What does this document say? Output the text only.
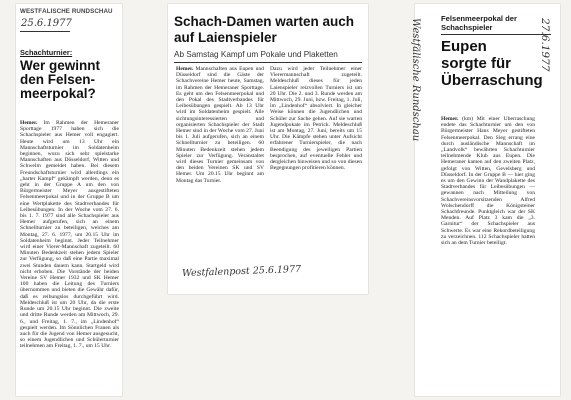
WESTFÄLISCHE RUNDSCHAU
25.6.1977
Schachturnier:
Wer gewinnt den Felsen-meerpokal?
Hemer. Im Rahmen der Hemeraner Sporttage 1977 haben sich die Schachspieler aus Hemer voll engagiert. Heute wird um 13 Uhr ein Mannschaftsturnier im Soldatenheim beginnen, wozu sich sehr spielstarke Mannschaften aus Dösseldorf, Witten und Schwelm gemeldet haben. Bei diesem Freundschaftsturnier wird allerdings ein „harter Kampf“ gekämpft werden, denn es geht in der Gruppe A um den von Bürgermeister Meyer ausgestifteten Felsenmeerpokal und in der Gruppe B um eine Wertplakette des Stadtverbandes für Leibesübungen. In der Woche vom 27. 6. bis 1. 7. 1977 sind alle Schachspieler aus Hemer aufgerufen, sich an einem Schnellturnier zu beteiligen, welches am Montag, 27. 6. 1977, um 20.15 Uhr im Soldatenheim beginnt. Jeder Teilnehmer wird einer Vierer-Mannschaft zugeteilt. 60 Minuten Bedenkzeit stehen jedem Spieler zur Verfügung, so daß eine Partie maximal zwei Stunden dauern kann. Startgeld wird nicht erhoben. Die Vorstände der beiden Vereine SV Hemer 1932 und SK Hemer 100 haben die Leitung des Turniers übernommen und bieten die Gewähr dafür, daß es reibungslos durchgeführt wird. Meldeschluß ist um 20 Uhr, da die erste Runde um 20.15 Uhr beginnt. Die zweite und dritte Runde werden am Mittwoch, 29. 6., und Freitag, 1. 7., im „Lindenhof“ gespielt werden. Im Sönnlichen Frauen als auch für die Jugend von Hemer ausgesucht, so einem Jugendlichen und Schülerturnier teilnehmen am Freitag, 1. 7., um 15 Uhr.
Schach-Damen warten auch auf Laienspieler
Ab Samstag Kampf um Pokale und Plaketten
Hemer. Mannschaften aus Eupen und Düsseldorf sind die Gäste der Schachvereine Hemer heute, Samstag, im Rahmen der Hemeraner Sporttage. Es geht um den Felsenmeerpokal und den Pokal des Stadtverbandes für Leibesübungen gespielt. Ab 13 Uhr wird im Soldatenheim gespielt. Alle sichtungsinteressierten und organisierten Schachspieler der Stadt Hemer sind in der Woche vom 27. Juni bis 1. Juli aufgerufen, sich an einem Schnellturnier zu beteiligen. 60 Minuten Bedenkzeit stehen jedem Spieler zur Verfügung. Veranstaltet wird dieses Turnier gemeinsam von den beiden Vereinen SK und SV Hemer. Um 20.15 Uhr beginnt am Montag das Turnier.
Dazu wird jeder Teilnehmer einer Vierermannschaft zugeteilt. Meldeschluß dieses für jeden Laienspieler reizvollen Turniers ist um 20 Uhr. Die 2. und 3. Runde werden am Mittwoch, 29. Juni, bzw. Freitag, 1. Juli, im „Lindenhof“ absolviert. In gleicher Weise können die Jugendlichen und Schüler zur Sache gehen. Auf sie warten Jugendpokale im Petrick. Meldeschluß ist am Montag, 27. Juni, bereits um 15 Uhr. Die Kämpfe stehen unter Aufsicht erfahrener Turnierspieler, die nach Beendigung des jeweiligen Partien besprochen, auf eventuelle Fehler und dergleichen hinweisen und so von diesen Begegnungen profitieren können.
Westfalenpost 25.6.1977
Westfälische Rundschau	Felsenmeerpokal der Schachspieler
Eupen sorgte für Überraschung
Hemer. (km) Mit einer Überraschung endete das Schachturnier um den von Bürgermeister Hans Meyer gestifteten Felsenmeerpokal. Den Sieg errang eine durch ausländische Mannschaft im „Landvolk“ bewährten Schachturnier teilnehmende Klub aus Eupen. Die Hemeraner kamen auf den zweiten Platz, gefolgt von Witten, Gevelsberg und Düsseldorf. In der Gruppe B — hier ging es um den Gewinn der Wandplakette des Stadtverbandes für Leibesübungen — gewannen nach Mitteilung von Schachvereinsvorsitzenden Alfred Wolschendorff die Königsteiner Schachfreunde. Punktgleich war der SK Menden. Auf Platz 3 kam die „3. Garnitur“ der Schachspieler aus Schwerte. Es war eine Rekordbeteiligung zu verzeichnen. 112 Schachspieler hatten sich an dem Turnier beteiligt.
27.6.1977
